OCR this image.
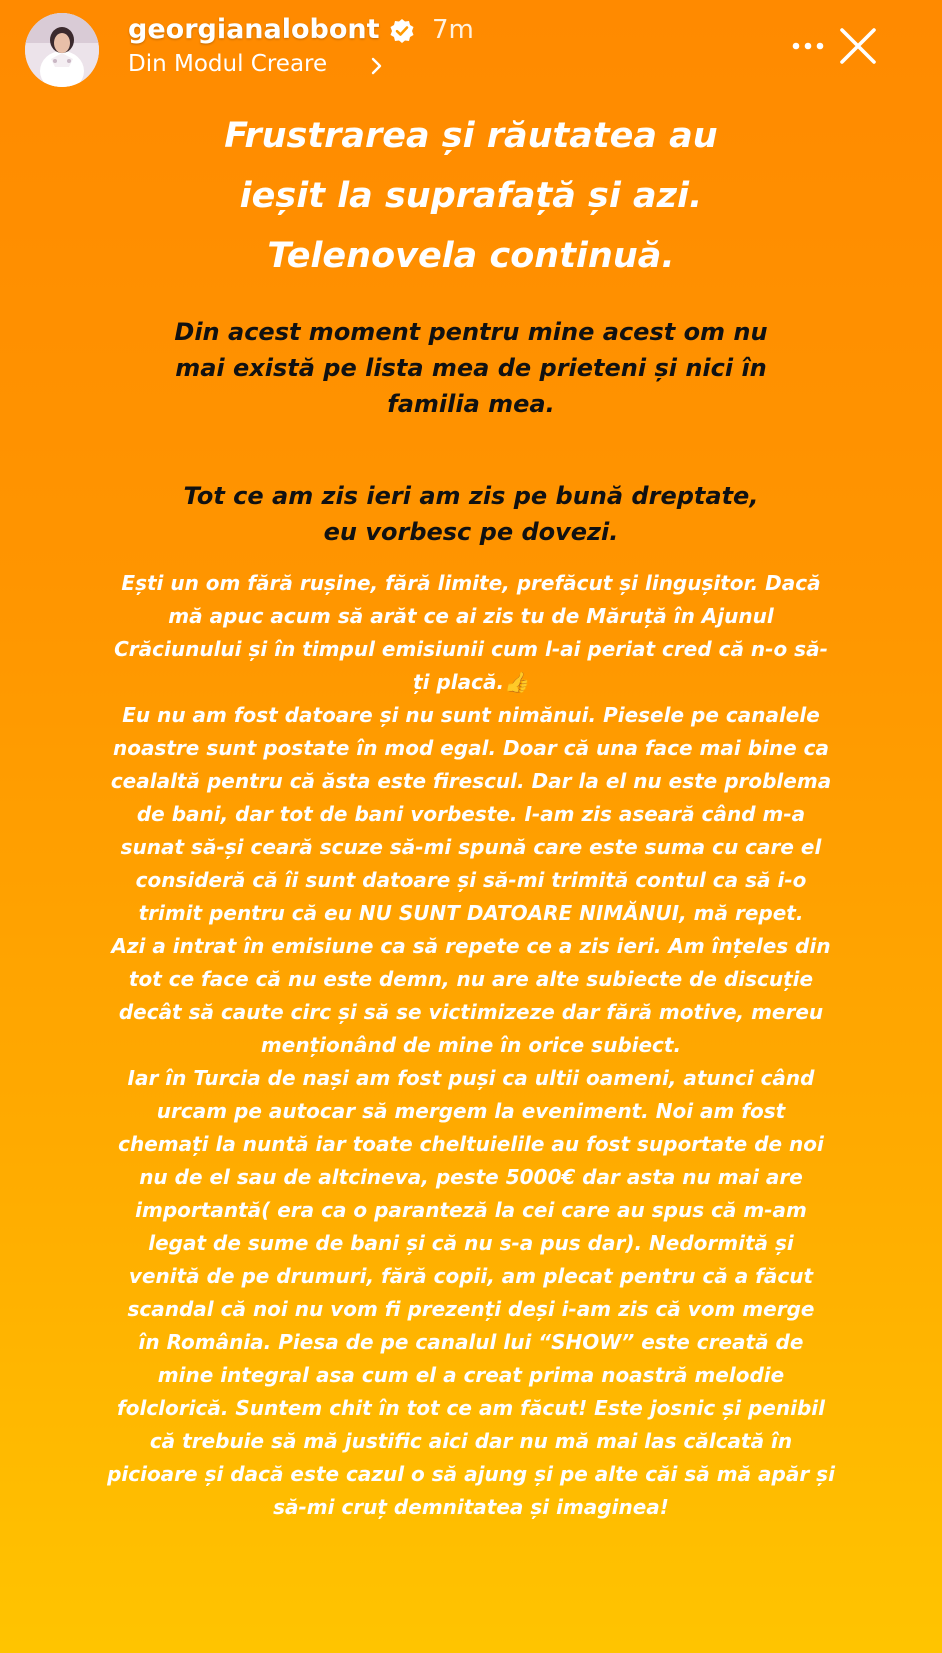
georgianalobont 7m
Din Modul Creare
Frustrarea și răutatea au
ieșit la suprafață și azi.
Telenovela continuă.
Din acest moment pentru mine acest om nu
mai există pe lista mea de prieteni și nici în
familia mea.
Tot ce am zis ieri am zis pe bună dreptate,
eu vorbesc pe dovezi.
Ești un om fără rușine, fără limite, prefăcut și lingușitor. Dacă
mă apuc acum să arăt ce ai zis tu de Măruță în Ajunul
Crăciunului și în timpul emisiunii cum l-ai periat cred că n-o să-
ți placă.👍
Eu nu am fost datoare și nu sunt nimănui. Piesele pe canalele
noastre sunt postate în mod egal. Doar că una face mai bine ca
cealaltă pentru că ăsta este firescul. Dar la el nu este problema
de bani, dar tot de bani vorbeste. I-am zis aseară când m-a
sunat să-și ceară scuze să-mi spună care este suma cu care el
consideră că îi sunt datoare și să-mi trimită contul ca să i-o
trimit pentru că eu NU SUNT DATOARE NIMĂNUI, mă repet.
Azi a intrat în emisiune ca să repete ce a zis ieri. Am înțeles din
tot ce face că nu este demn, nu are alte subiecte de discuție
decât să caute circ și să se victimizeze dar fără motive, mereu
menționând de mine în orice subiect.
Iar în Turcia de nași am fost puși ca ultii oameni, atunci când
urcam pe autocar să mergem la eveniment. Noi am fost
chemați la nuntă iar toate cheltuielile au fost suportate de noi
nu de el sau de altcineva, peste 5000€ dar asta nu mai are
importantă( era ca o paranteză la cei care au spus că m-am
legat de sume de bani și că nu s-a pus dar). Nedormită și
venită de pe drumuri, fără copii, am plecat pentru că a făcut
scandal că noi nu vom fi prezenți deși i-am zis că vom merge
în România. Piesa de pe canalul lui “SHOW” este creată de
mine integral asa cum el a creat prima noastră melodie
folclorică. Suntem chit în tot ce am făcut! Este josnic și penibil
că trebuie să mă justific aici dar nu mă mai las călcată în
picioare și dacă este cazul o să ajung și pe alte căi să mă apăr și
să-mi cruț demnitatea și imaginea!
